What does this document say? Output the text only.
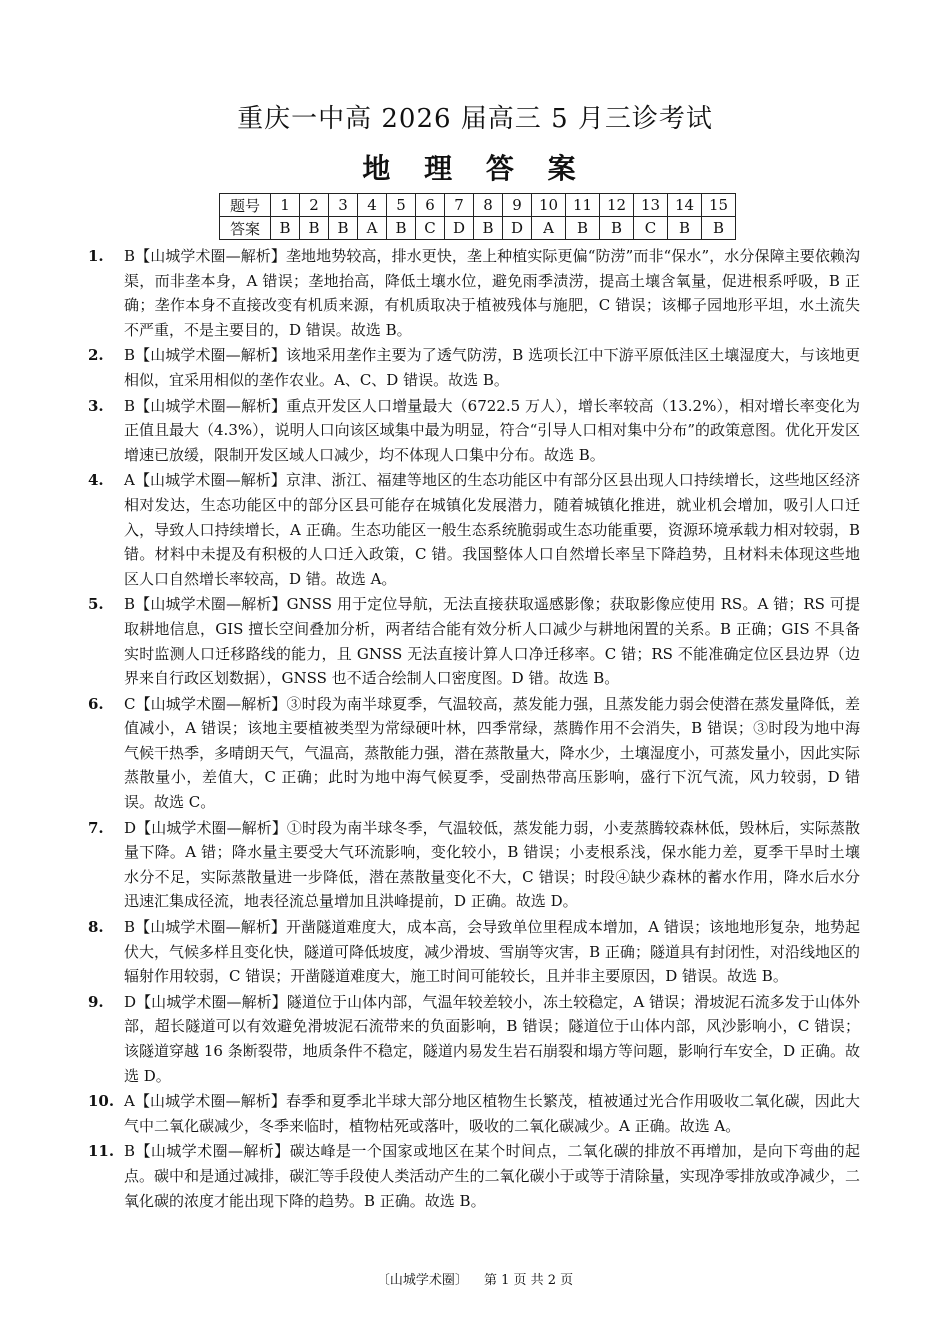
重庆一中高 2026 届高三 5 月三诊考试
地 理 答 案
题号	1	2	3	4	5	6	7	8	9	10	11	12	13	14	15
答案	B	B	B	A	B	C	D	B	D	A	B	B	C	B	B
1. B【山城学术圈—解析】垄地地势较高，排水更快，垄上种植实际更偏“防涝”而非“保水”，水分保障主要依赖沟渠，而非垄本身，A 错误；垄地抬高，降低土壤水位，避免雨季渍涝，提高土壤含氧量，促进根系呼吸，B 正确；垄作本身不直接改变有机质来源，有机质取决于植被残体与施肥，C 错误；该椰子园地形平坦，水土流失不严重，不是主要目的，D 错误。故选 B。
2. B【山城学术圈—解析】该地采用垄作主要为了透气防涝，B 选项长江中下游平原低洼区土壤湿度大，与该地更相似，宜采用相似的垄作农业。A、C、D 错误。故选 B。
3. B【山城学术圈—解析】重点开发区人口增量最大（6722.5 万人），增长率较高（13.2%），相对增长率变化为正值且最大（4.3%），说明人口向该区域集中最为明显，符合“引导人口相对集中分布”的政策意图。优化开发区增速已放缓，限制开发区域人口减少，均不体现人口集中分布。故选 B。
4. A【山城学术圈—解析】京津、浙江、福建等地区的生态功能区中有部分区县出现人口持续增长，这些地区经济相对发达，生态功能区中的部分区县可能存在城镇化发展潜力，随着城镇化推进，就业机会增加，吸引人口迁入，导致人口持续增长，A 正确。生态功能区一般生态系统脆弱或生态功能重要，资源环境承载力相对较弱，B 错。材料中未提及有积极的人口迁入政策，C 错。我国整体人口自然增长率呈下降趋势，且材料未体现这些地区人口自然增长率较高，D 错。故选 A。
5. B【山城学术圈—解析】GNSS 用于定位导航，无法直接获取遥感影像；获取影像应使用 RS。A 错；RS 可提取耕地信息，GIS 擅长空间叠加分析，两者结合能有效分析人口减少与耕地闲置的关系。B 正确；GIS 不具备实时监测人口迁移路线的能力，且 GNSS 无法直接计算人口净迁移率。C 错；RS 不能准确定位区县边界（边界来自行政区划数据），GNSS 也不适合绘制人口密度图。D 错。故选 B。
6. C【山城学术圈—解析】③时段为南半球夏季，气温较高，蒸发能力强，且蒸发能力弱会使潜在蒸发量降低，差值减小，A 错误；该地主要植被类型为常绿硬叶林，四季常绿，蒸腾作用不会消失，B 错误；③时段为地中海气候干热季，多晴朗天气，气温高，蒸散能力强，潜在蒸散量大，降水少，土壤湿度小，可蒸发量小，因此实际蒸散量小，差值大，C 正确；此时为地中海气候夏季，受副热带高压影响，盛行下沉气流，风力较弱，D 错误。故选 C。
7. D【山城学术圈—解析】①时段为南半球冬季，气温较低，蒸发能力弱，小麦蒸腾较森林低，毁林后，实际蒸散量下降。A 错；降水量主要受大气环流影响，变化较小，B 错误；小麦根系浅，保水能力差，夏季干旱时土壤水分不足，实际蒸散量进一步降低，潜在蒸散量变化不大，C 错误；时段④缺少森林的蓄水作用，降水后水分迅速汇集成径流，地表径流总量增加且洪峰提前，D 正确。故选 D。
8. B【山城学术圈—解析】开凿隧道难度大，成本高，会导致单位里程成本增加，A 错误；该地地形复杂，地势起伏大，气候多样且变化快，隧道可降低坡度，减少滑坡、雪崩等灾害，B 正确；隧道具有封闭性，对沿线地区的辐射作用较弱，C 错误；开凿隧道难度大，施工时间可能较长，且并非主要原因，D 错误。故选 B。
9. D【山城学术圈—解析】隧道位于山体内部，气温年较差较小，冻土较稳定，A 错误；滑坡泥石流多发于山体外部，超长隧道可以有效避免滑坡泥石流带来的负面影响，B 错误；隧道位于山体内部，风沙影响小，C 错误；该隧道穿越 16 条断裂带，地质条件不稳定，隧道内易发生岩石崩裂和塌方等问题，影响行车安全，D 正确。故选 D。
10. A【山城学术圈—解析】春季和夏季北半球大部分地区植物生长繁茂，植被通过光合作用吸收二氧化碳，因此大气中二氧化碳减少，冬季来临时，植物枯死或落叶，吸收的二氧化碳减少。A 正确。故选 A。
11. B【山城学术圈—解析】碳达峰是一个国家或地区在某个时间点，二氧化碳的排放不再增加，是向下弯曲的起点。碳中和是通过减排，碳汇等手段使人类活动产生的二氧化碳小于或等于清除量，实现净零排放或净减少，二氧化碳的浓度才能出现下降的趋势。B 正确。故选 B。
〔山城学术圈〕 第 1 页 共 2 页
